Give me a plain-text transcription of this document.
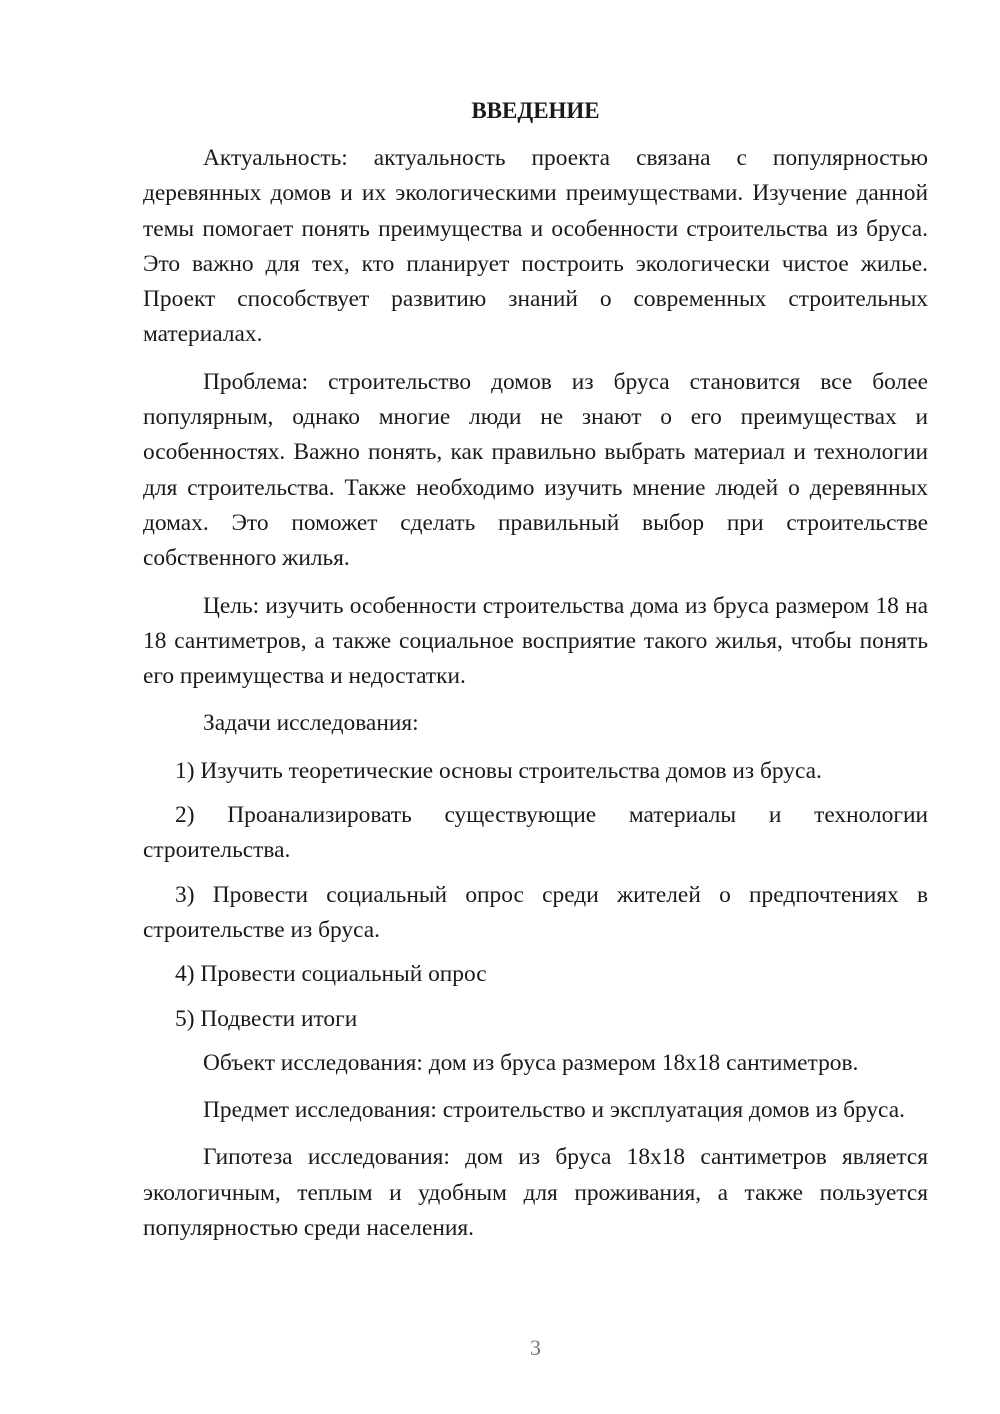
ВВЕДЕНИЕ

Актуальность: актуальность проекта связана с популярностью деревянных домов и их экологическими преимуществами. Изучение данной темы помогает понять преимущества и особенности строительства из бруса. Это важно для тех, кто планирует построить экологически чистое жилье. Проект способствует развитию знаний о современных строительных материалах.

Проблема: строительство домов из бруса становится все более популярным, однако многие люди не знают о его преимуществах и особенностях. Важно понять, как правильно выбрать материал и технологии для строительства. Также необходимо изучить мнение людей о деревянных домах. Это поможет сделать правильный выбор при строительстве собственного жилья.

Цель: изучить особенности строительства дома из бруса размером 18 на 18 сантиметров, а также социальное восприятие такого жилья, чтобы понять его преимущества и недостатки.

Задачи исследования:

1) Изучить теоретические основы строительства домов из бруса.

2) Проанализировать существующие материалы и технологии строительства.

3) Провести социальный опрос среди жителей о предпочтениях в строительстве из бруса.

4) Провести социальный опрос

5) Подвести итоги

Объект исследования: дом из бруса размером 18х18 сантиметров.

Предмет исследования: строительство и эксплуатация домов из бруса.

Гипотеза исследования: дом из бруса 18х18 сантиметров является экологичным, теплым и удобным для проживания, а также пользуется популярностью среди населения.

3
